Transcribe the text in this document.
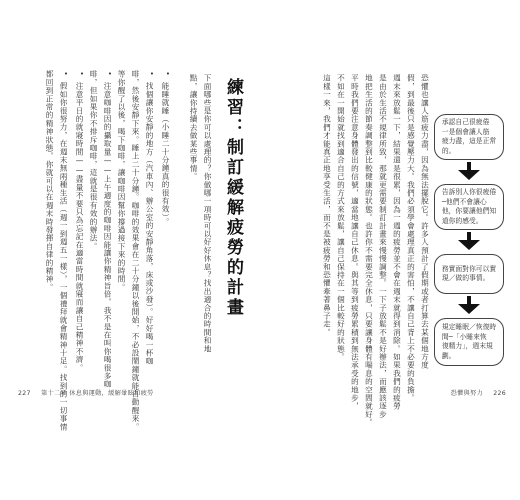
練習：制訂緩解疲勞的計畫
下面哪些是你可以處理的？你做哪一項時可以好好休息？找出適合的時間和地
點，讓你持續去做某些事情。
•
能睡就睡（小睡二十分鐘真的很有效）。
•
找個讓你安靜的地方（汽車內、辦公室的安靜角落，床或沙發）。好好喝一杯咖
啡，然後安靜下來。睡上二十分鐘。咖啡的效果會在二十分鐘以後開始，不必設鬧鐘就能自動醒來。
等你醒了以後，喝下咖啡，讓咖啡因幫你撐過接下來的時間。
•
注意咖啡因的攝取量——上午適度的咖啡因能讓你精神旨倍，我不是在叫你喝很多咖
啡，但如果你不排斥咖啡，這就是很有效的辦法。
•
注意平日的就寢時間——盡量不要只為忘記在適當時間就寢而讓自己精神不濟。
•
假如你很努力，在週末無兩種生活（週一到週五一樣），一個禮拜就會精神十足。找到的一切事情
都回到正常的精神狀態，你就可以在週末時發揮自律的精神。
227 第十二章 休息與運動，緩解暈眩和疲勞
恐懼也讓人筋疲力盡，因為無法擺脫它。許多人預計了假期或者打算去某個地方度
假，到最後只是感覺壓力大。我們必須學會處理真正的害怕，不讓自己背上不必要的負擔。
週末來放鬆一下，結果還是很累，因為一週的疲勞並不會在週末就得到消除。如果我們的疲勞
是由於生活不規律所致，那就更需要制訂計畫來慢慢調整。一下子放鬆不是好辦法，而應該逐步
地把生活的節奏調整到比較健康的狀態。也許你不需要完全休息，只要讓身體有喘息的空間就好。
平時我們要注意身體發出的信號，適當地讓自己休息。與其等到疲勞累積到無法承受的地步，
不如在一開始就找到適合自己的方式來放鬆，讓自己保持在一個比較好的狀態。
這樣一來，我們才能真正地享受生活，而不是被疲勞和恐懼牽著鼻子走。	承認自己很疲倦
一是個會讓人筋
疲力盡，這是正常
的。
告訴別人你很疲倦
─他們不會讓心
他，你要讓他們知
道你的感受。
務實面對你可以實
現／做的事情。
規定睡眠／恢復時
間─「小睡來恢
復精力」，週末規
劃。
恐懼與努力 226
